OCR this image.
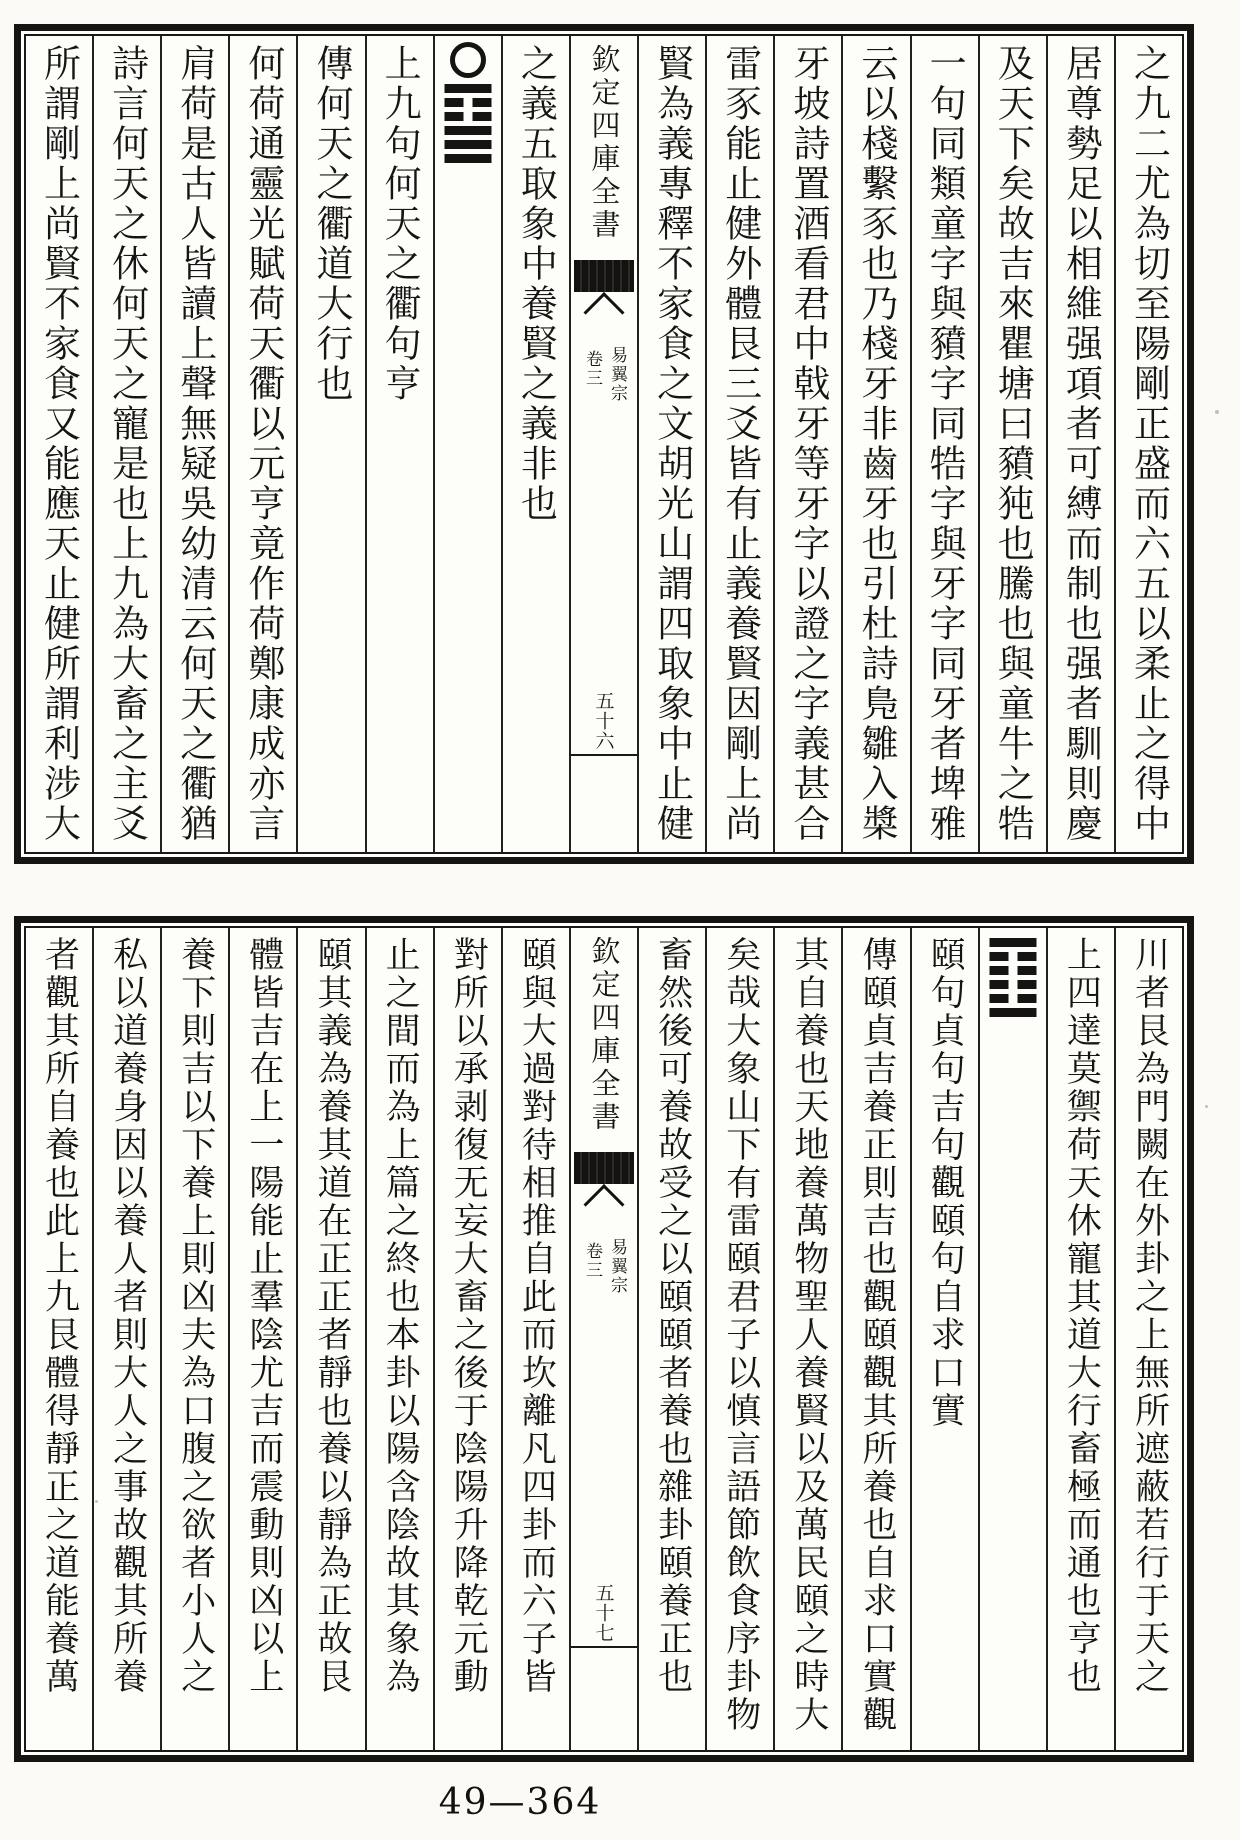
之九二尤為切至陽剛正盛而六五以柔止之得中
居尊勢足以相維强項者可縛而制也强者馴則慶
及天下矣故吉來瞿塘曰豶㹠也騰也與童牛之牿
一句同類童字與豶字同牿字與牙字同牙者埤雅
云以棧繫豕也乃棧牙非齒牙也引杜詩鳬雛入槳
牙坡詩置酒看君中戟牙等牙字以證之字義甚合
雷豕能止健外體艮三爻皆有止義養賢因剛上尚
賢為義專釋不家食之文胡光山謂四取象中止健
欽定四庫全書
易翼宗
卷三
五十六
之義五取象中養賢之義非也
上九句何天之衢句亨
傳何天之衢道大行也
何荷通靈光賦荷天衢以元亨竟作荷鄭康成亦言
肩荷是古人皆讀上聲無疑吳幼清云何天之衢猶
詩言何天之休何天之寵是也上九為大畜之主爻
所謂剛上尚賢不家食又能應天止健所謂利涉大
川者艮為門闕在外卦之上無所遮蔽若行于天之
上四達莫禦荷天休寵其道大行畜極而通也亨也
頤句貞句吉句觀頤句自求口實
傳頤貞吉養正則吉也觀頤觀其所養也自求口實觀
其自養也天地養萬物聖人養賢以及萬民頤之時大
矣哉大象山下有雷頤君子以慎言語節飲食序卦物
畜然後可養故受之以頤頤者養也雜卦頤養正也
欽定四庫全書
易翼宗
卷三
五十七
頤與大過對待相推自此而坎離凡四卦而六子皆
對所以承剥復无妄大畜之後于陰陽升降乾元動
止之間而為上篇之終也本卦以陽含陰故其象為
頤其義為養其道在正正者靜也養以靜為正故艮
體皆吉在上一陽能止羣陰尤吉而震動則凶以上
養下則吉以下養上則凶夫為口腹之欲者小人之
私以道養身因以養人者則大人之事故觀其所養
者觀其所自養也此上九艮體得靜正之道能養萬
49—364
